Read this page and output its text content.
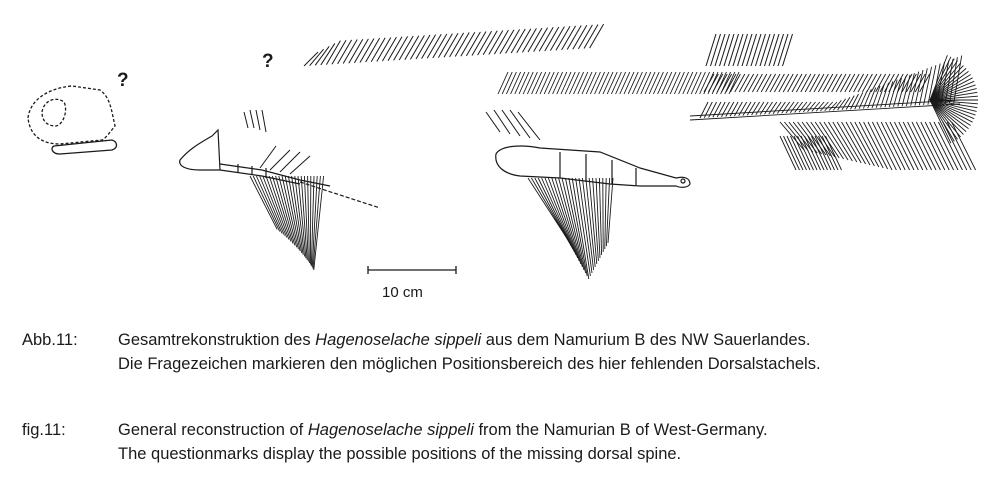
?
?
10 cm
Abb.11: Gesamtrekonstruktion des Hagenoselache sippeli aus dem Namurium B des NW Sauerlandes.
Die Fragezeichen markieren den möglichen Positionsbereich des hier fehlenden Dorsalstachels.
fig.11:	General reconstruction of Hagenoselache sippeli from the Namurian B of West-Germany.
The questionmarks display the possible positions of the missing dorsal spine.
